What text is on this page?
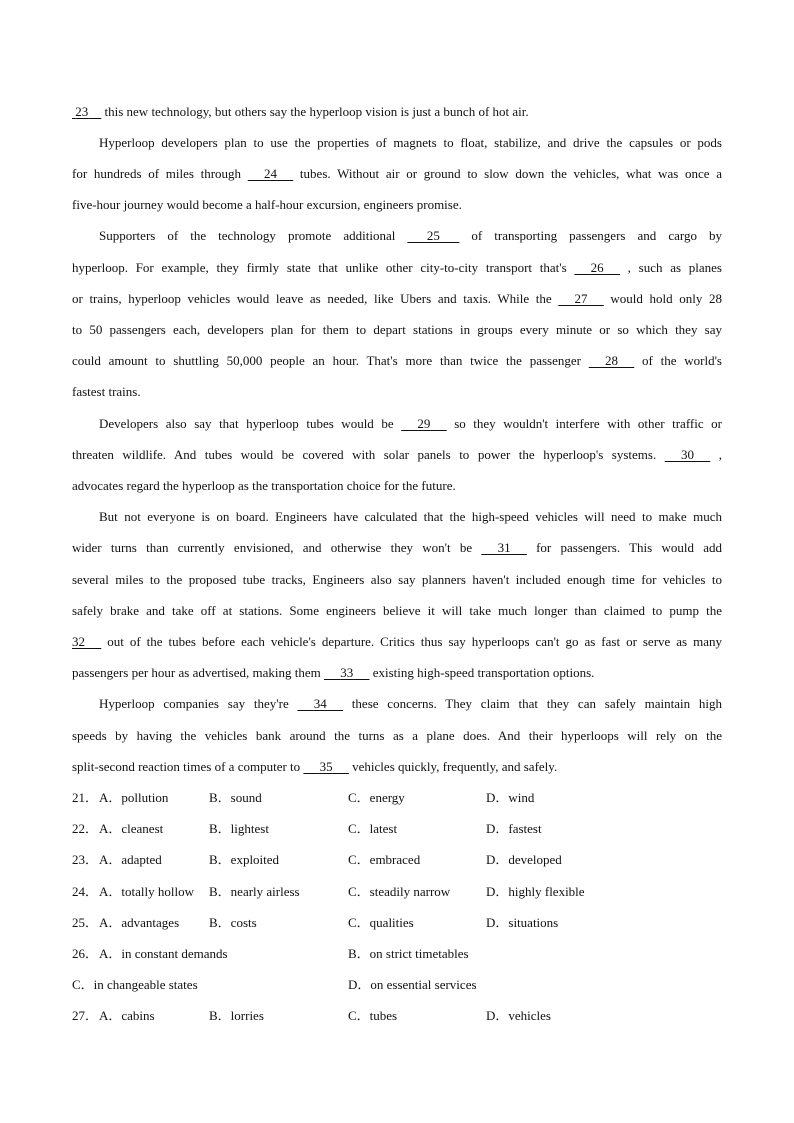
23     this new technology, but others say the hyperloop vision is just a bunch of hot air.
Hyperloop developers plan to use the properties of magnets to float, stabilize, and drive the capsules or pods
for hundreds of miles through      24      tubes. Without air or ground to slow down the vehicles, what was once a
five-hour journey would become a half-hour excursion, engineers promise.
Supporters of the technology promote additional       25       of transporting passengers and cargo by
hyperloop. For example, they firmly state that unlike other city-to-city transport that's      26      , such as planes
or trains, hyperloop vehicles would leave as needed, like Ubers and taxis. While the      27      would hold only 28
to 50 passengers each, developers plan for them to depart stations in groups every minute or so which they say
could amount to shuttling 50,000 people an hour. That's more than twice the passenger      28      of the world's
fastest trains.
Developers also say that hyperloop tubes would be      29      so they wouldn't interfere with other traffic or
threaten wildlife. And tubes would be covered with solar panels to power the hyperloop's systems.      30      ,
advocates regard the hyperloop as the transportation choice for the future.
But not everyone is on board. Engineers have calculated that the high-speed vehicles will need to make much
wider turns than currently envisioned, and otherwise they won't be      31      for passengers. This would add
several miles to the proposed tube tracks, Engineers also say planners haven't included enough time for vehicles to
safely brake and take off at stations. Some engineers believe it will take much longer than claimed to pump the
32      out of the tubes before each vehicle's departure. Critics thus say hyperloops can't go as fast or serve as many
passengers per hour as advertised, making them      33      existing high-speed transportation options.
Hyperloop companies say they're      34      these concerns. They claim that they can safely maintain high
speeds by having the vehicles bank around the turns as a plane does. And their hyperloops will rely on the
split-second reaction times of a computer to      35      vehicles quickly, frequently, and safely.
21． A．pollution	B．sound	C．energy	D．wind
22． A．cleanest	B．lightest	C．latest	D．fastest
23． A．adapted	B．exploited	C．embraced	D．developed
24． A．totally hollow B．nearly airless	C．steadily narrow	D．highly flexible
25． A．advantages B．costs	C．qualities	D．situations
26． A．in constant demands	B．on strict timetables
C．in changeable states	D．on essential services
27． A．cabins	B．lorries	C．tubes	D．vehicles
